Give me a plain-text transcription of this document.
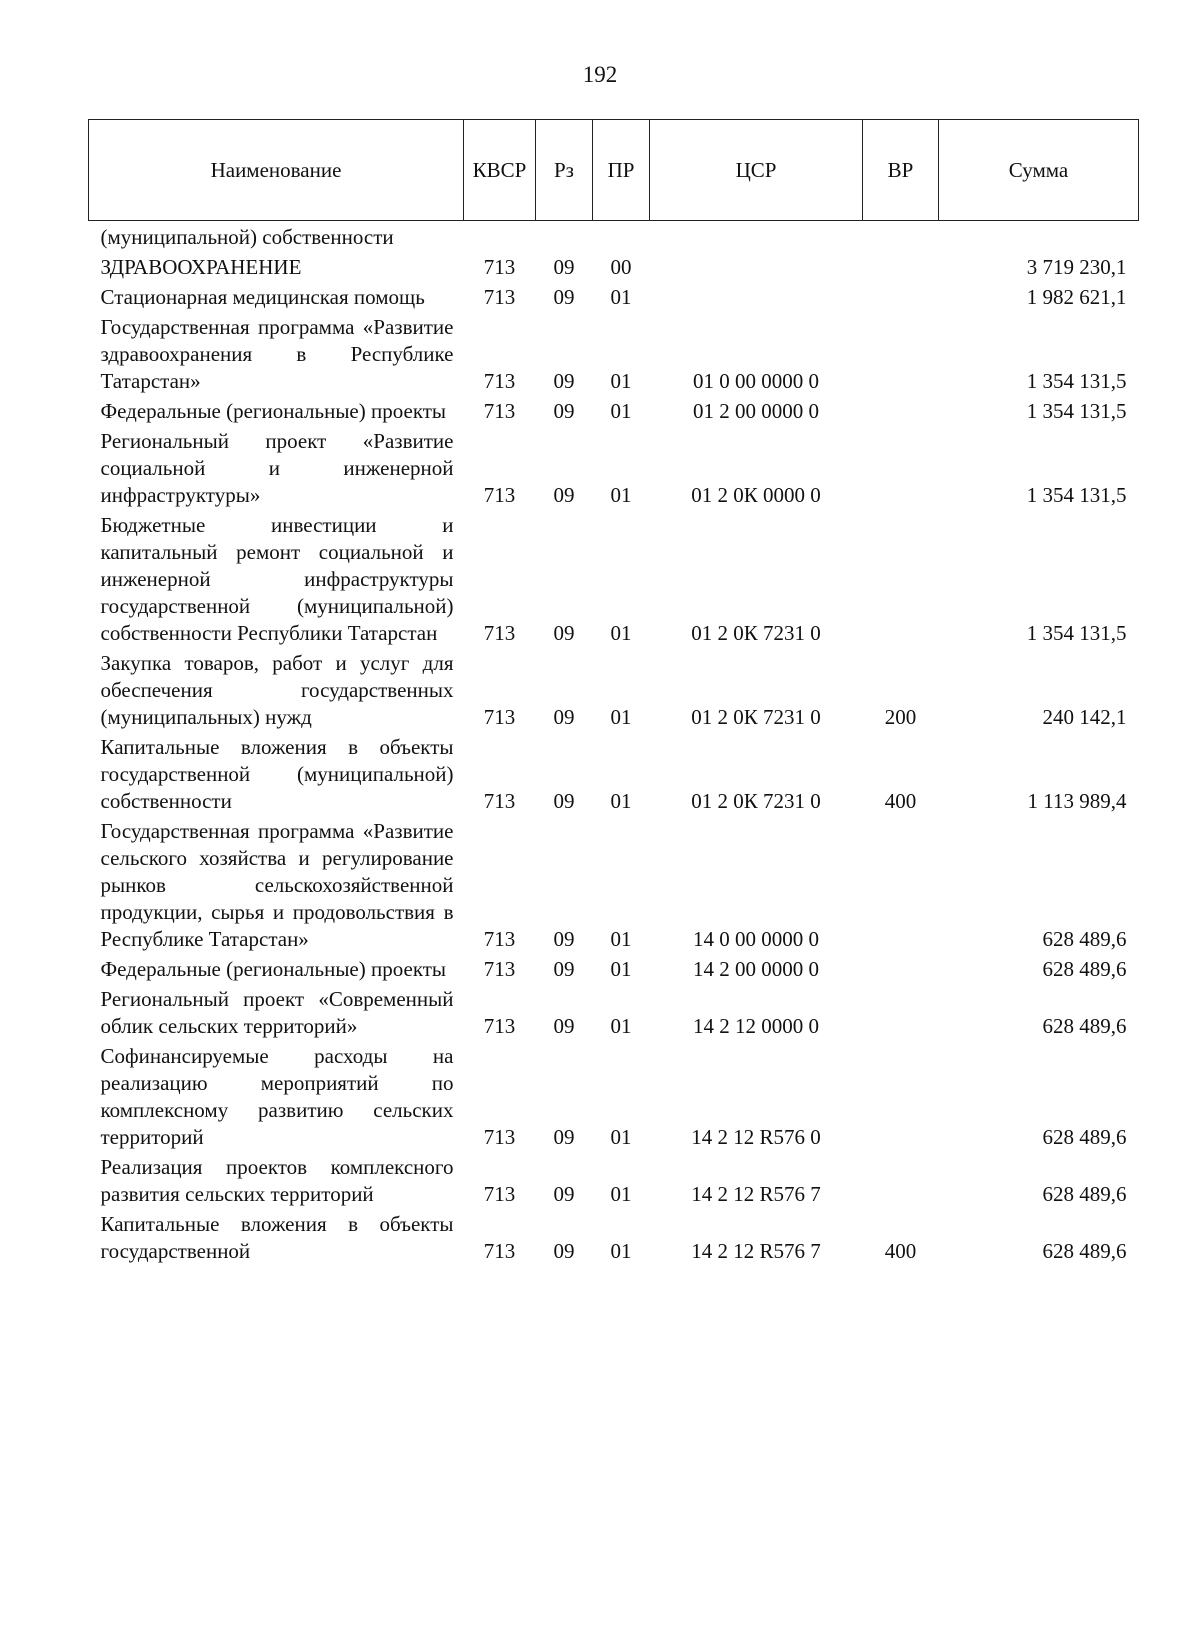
192
Наименование	КВСР	Рз	ПР	ЦСР	ВР	Сумма
(муниципальной) собственности						
ЗДРАВООХРАНЕНИЕ	713	09	00			3 719 230,1
Стационарная медицинская помощь	713	09	01			1 982 621,1
Государственная программа «Развитие здравоохранения в Республике Татарстан»	713	09	01	01 0 00 0000 0		1 354 131,5
Федеральные (региональные) проекты	713	09	01	01 2 00 0000 0		1 354 131,5
Региональный проект «Развитие социальной и инженерной инфраструктуры»	713	09	01	01 2 0К 0000 0		1 354 131,5
Бюджетные инвестиции и капитальный ремонт социальной и инженерной инфраструктуры государственной (муниципальной) собственности Республики Татарстан	713	09	01	01 2 0К 7231 0		1 354 131,5
Закупка товаров, работ и услуг для обеспечения государственных (муниципальных) нужд	713	09	01	01 2 0К 7231 0	200	240 142,1
Капитальные вложения в объекты государственной (муниципальной) собственности	713	09	01	01 2 0К 7231 0	400	1 113 989,4
Государственная программа «Развитие сельского хозяйства и регулирование рынков сельскохозяйственной продукции, сырья и продовольствия в Республике Татарстан»	713	09	01	14 0 00 0000 0		628 489,6
Федеральные (региональные) проекты	713	09	01	14 2 00 0000 0		628 489,6
Региональный проект «Современный облик сельских территорий»	713	09	01	14 2 12 0000 0		628 489,6
Софинансируемые расходы на реализацию мероприятий по комплексному развитию сельских территорий	713	09	01	14 2 12 R576 0		628 489,6
Реализация проектов комплексного развития сельских территорий	713	09	01	14 2 12 R576 7		628 489,6
Капитальные вложения в объекты государственной	713	09	01	14 2 12 R576 7	400	628 489,6
